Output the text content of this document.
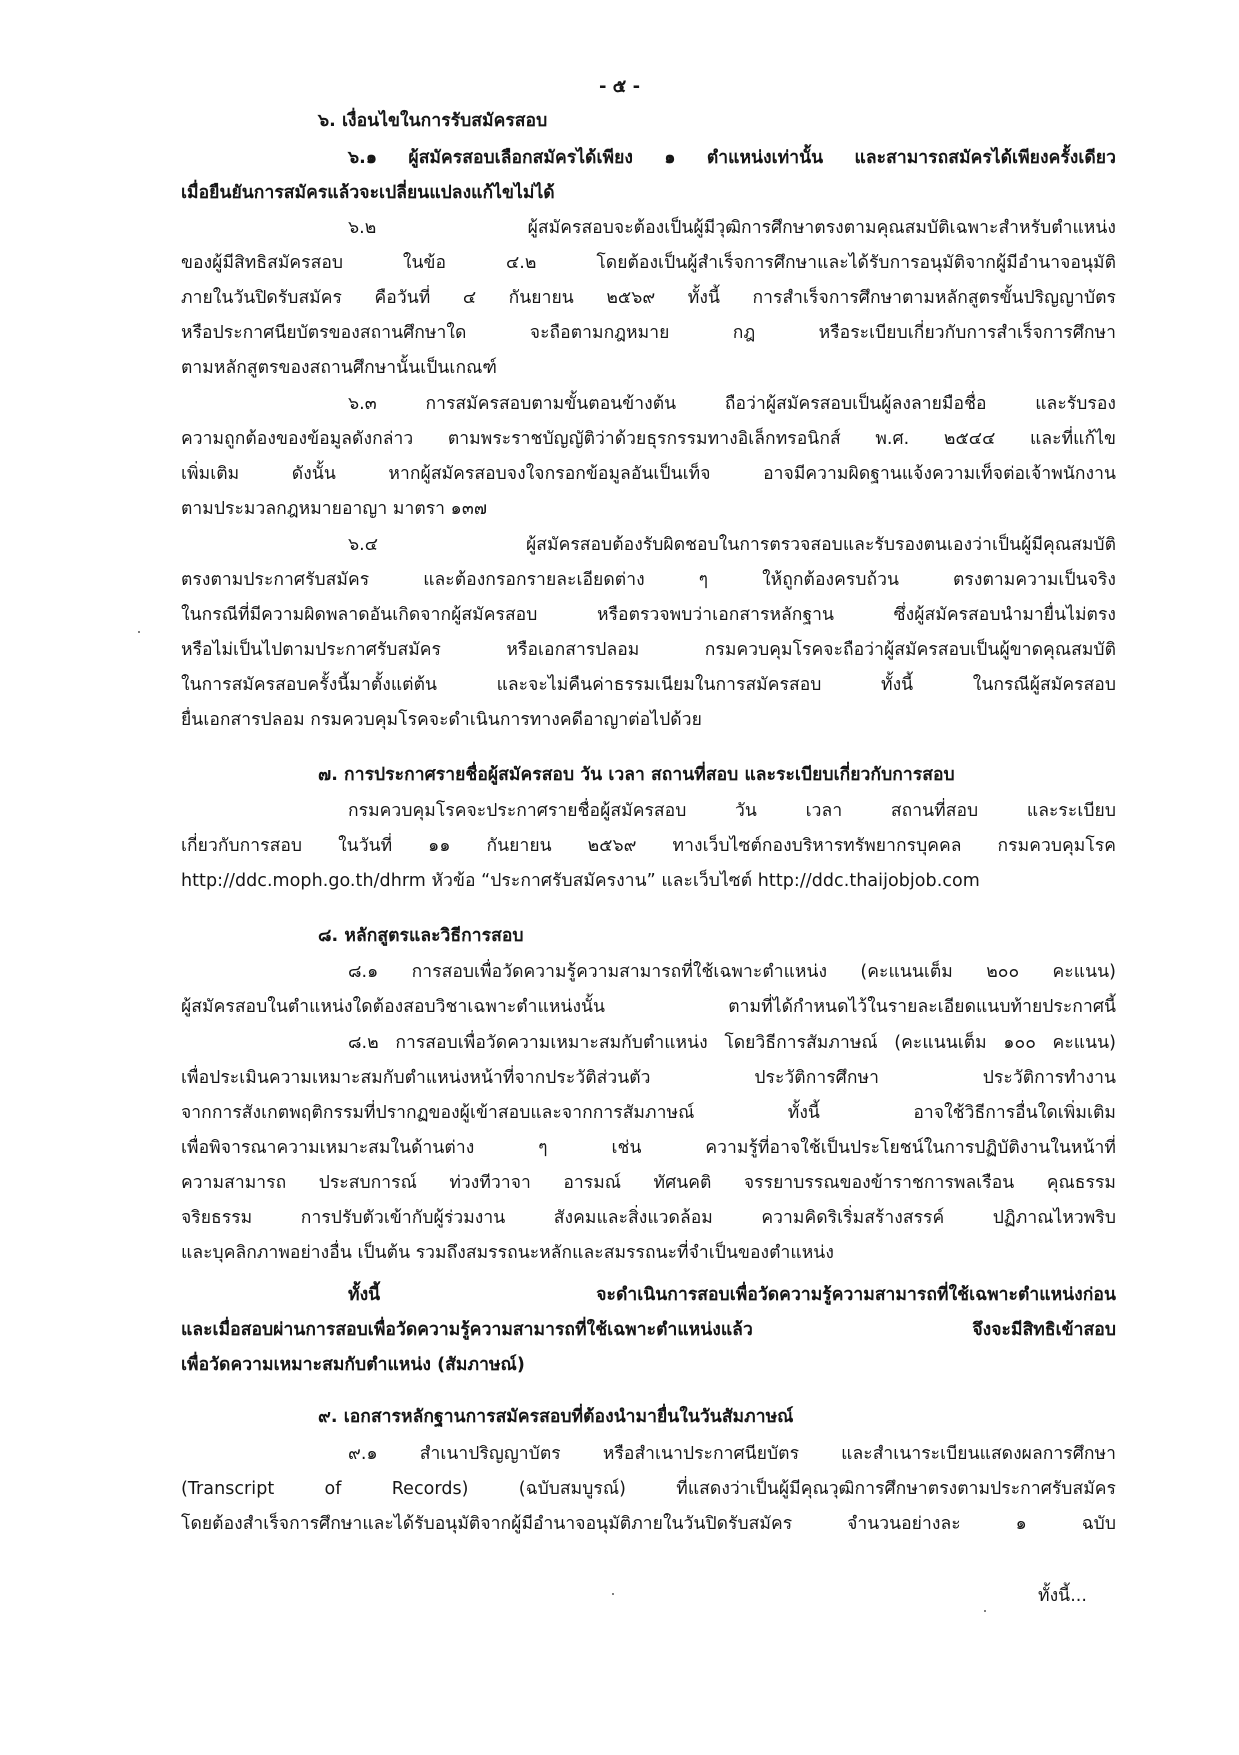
- ๕ -
๖. เงื่อนไขในการรับสมัครสอบ
๖.๑ ผู้สมัครสอบเลือกสมัครได้เพียง ๑ ตำแหน่งเท่านั้น และสามารถสมัครได้เพียงครั้งเดียว
เมื่อยืนยันการสมัครแล้วจะเปลี่ยนแปลงแก้ไขไม่ได้
๖.๒ ผู้สมัครสอบจะต้องเป็นผู้มีวุฒิการศึกษาตรงตามคุณสมบัติเฉพาะสำหรับตำแหน่ง
ของผู้มีสิทธิสมัครสอบ ในข้อ ๔.๒ โดยต้องเป็นผู้สำเร็จการศึกษาและได้รับการอนุมัติจากผู้มีอำนาจอนุมัติ
ภายในวันปิดรับสมัคร คือวันที่ ๔ กันยายน ๒๕๖๙ ทั้งนี้ การสำเร็จการศึกษาตามหลักสูตรขั้นปริญญาบัตร
หรือประกาศนียบัตรของสถานศึกษาใด จะถือตามกฎหมาย กฎ หรือระเบียบเกี่ยวกับการสำเร็จการศึกษา
ตามหลักสูตรของสถานศึกษานั้นเป็นเกณฑ์
๖.๓ การสมัครสอบตามขั้นตอนข้างต้น ถือว่าผู้สมัครสอบเป็นผู้ลงลายมือชื่อ และรับรอง
ความถูกต้องของข้อมูลดังกล่าว ตามพระราชบัญญัติว่าด้วยธุรกรรมทางอิเล็กทรอนิกส์ พ.ศ. ๒๕๔๔ และที่แก้ไข
เพิ่มเติม ดังนั้น หากผู้สมัครสอบจงใจกรอกข้อมูลอันเป็นเท็จ อาจมีความผิดฐานแจ้งความเท็จต่อเจ้าพนักงาน
ตามประมวลกฎหมายอาญา มาตรา ๑๓๗
๖.๔ ผู้สมัครสอบต้องรับผิดชอบในการตรวจสอบและรับรองตนเองว่าเป็นผู้มีคุณสมบัติ
ตรงตามประกาศรับสมัคร และต้องกรอกรายละเอียดต่าง ๆ ให้ถูกต้องครบถ้วน ตรงตามความเป็นจริง
ในกรณีที่มีความผิดพลาดอันเกิดจากผู้สมัครสอบ หรือตรวจพบว่าเอกสารหลักฐาน ซึ่งผู้สมัครสอบนำมายื่นไม่ตรง
หรือไม่เป็นไปตามประกาศรับสมัคร หรือเอกสารปลอม กรมควบคุมโรคจะถือว่าผู้สมัครสอบเป็นผู้ขาดคุณสมบัติ
ในการสมัครสอบครั้งนี้มาตั้งแต่ต้น และจะไม่คืนค่าธรรมเนียมในการสมัครสอบ ทั้งนี้ ในกรณีผู้สมัครสอบ
ยื่นเอกสารปลอม กรมควบคุมโรคจะดำเนินการทางคดีอาญาต่อไปด้วย
๗. การประกาศรายชื่อผู้สมัครสอบ วัน เวลา สถานที่สอบ และระเบียบเกี่ยวกับการสอบ
กรมควบคุมโรคจะประกาศรายชื่อผู้สมัครสอบ วัน เวลา สถานที่สอบ และระเบียบ
เกี่ยวกับการสอบ ในวันที่ ๑๑ กันยายน ๒๕๖๙ ทางเว็บไซต์กองบริหารทรัพยากรบุคคล กรมควบคุมโรค
http://ddc.moph.go.th/dhrm หัวข้อ “ประกาศรับสมัครงาน” และเว็บไซต์ http://ddc.thaijobjob.com
๘. หลักสูตรและวิธีการสอบ
๘.๑ การสอบเพื่อวัดความรู้ความสามารถที่ใช้เฉพาะตำแหน่ง (คะแนนเต็ม ๒๐๐ คะแนน)
ผู้สมัครสอบในตำแหน่งใดต้องสอบวิชาเฉพาะตำแหน่งนั้น ตามที่ได้กำหนดไว้ในรายละเอียดแนบท้ายประกาศนี้
๘.๒ การสอบเพื่อวัดความเหมาะสมกับตำแหน่ง โดยวิธีการสัมภาษณ์ (คะแนนเต็ม ๑๐๐ คะแนน)
เพื่อประเมินความเหมาะสมกับตำแหน่งหน้าที่จากประวัติส่วนตัว ประวัติการศึกษา ประวัติการทำงาน
จากการสังเกตพฤติกรรมที่ปรากฏของผู้เข้าสอบและจากการสัมภาษณ์ ทั้งนี้ อาจใช้วิธีการอื่นใดเพิ่มเติม
เพื่อพิจารณาความเหมาะสมในด้านต่าง ๆ เช่น ความรู้ที่อาจใช้เป็นประโยชน์ในการปฏิบัติงานในหน้าที่
ความสามารถ ประสบการณ์ ท่วงทีวาจา อารมณ์ ทัศนคติ จรรยาบรรณของข้าราชการพลเรือน คุณธรรม
จริยธรรม การปรับตัวเข้ากับผู้ร่วมงาน สังคมและสิ่งแวดล้อม ความคิดริเริ่มสร้างสรรค์ ปฏิภาณไหวพริบ
และบุคลิกภาพอย่างอื่น เป็นต้น รวมถึงสมรรถนะหลักและสมรรถนะที่จำเป็นของตำแหน่ง
ทั้งนี้ จะดำเนินการสอบเพื่อวัดความรู้ความสามารถที่ใช้เฉพาะตำแหน่งก่อน
และเมื่อสอบผ่านการสอบเพื่อวัดความรู้ความสามารถที่ใช้เฉพาะตำแหน่งแล้ว จึงจะมีสิทธิเข้าสอบ
เพื่อวัดความเหมาะสมกับตำแหน่ง (สัมภาษณ์)
๙. เอกสารหลักฐานการสมัครสอบที่ต้องนำมายื่นในวันสัมภาษณ์
๙.๑ สำเนาปริญญาบัตร หรือสำเนาประกาศนียบัตร และสำเนาระเบียนแสดงผลการศึกษา
(Transcript of Records) (ฉบับสมบูรณ์) ที่แสดงว่าเป็นผู้มีคุณวุฒิการศึกษาตรงตามประกาศรับสมัคร
โดยต้องสำเร็จการศึกษาและได้รับอนุมัติจากผู้มีอำนาจอนุมัติภายในวันปิดรับสมัคร จำนวนอย่างละ ๑ ฉบับ
ทั้งนี้...
